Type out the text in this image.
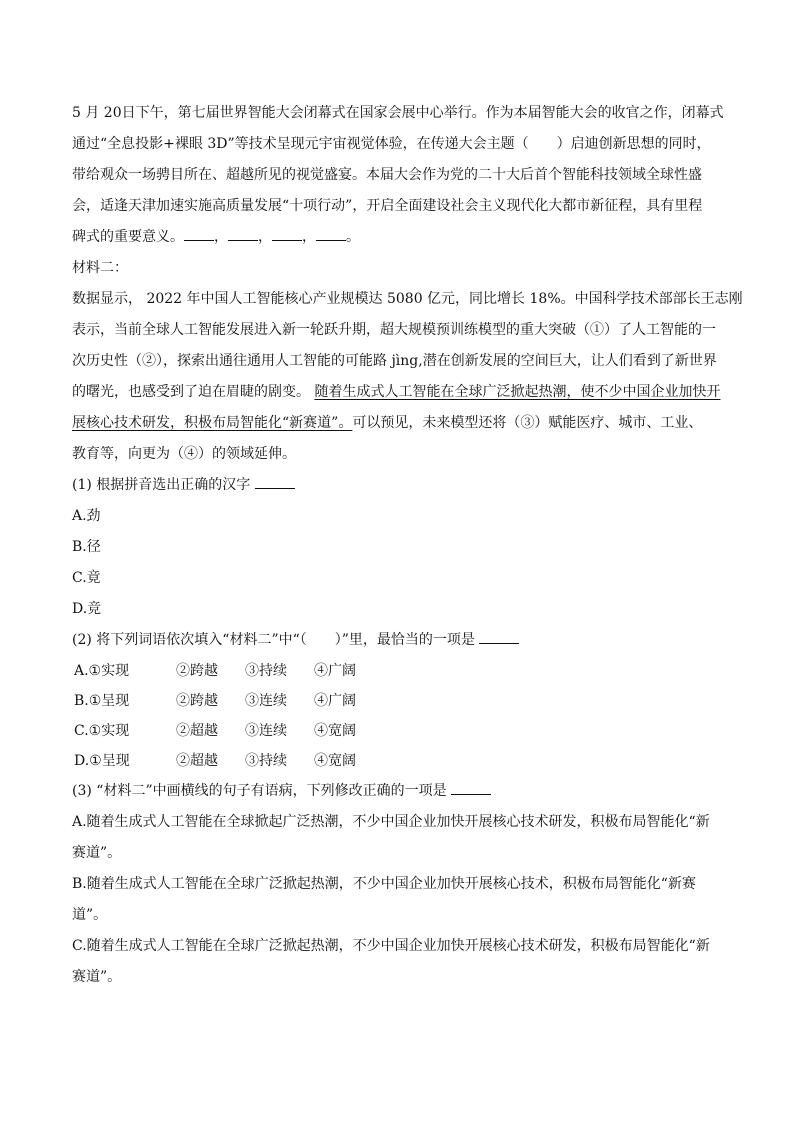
5 月 20日下午，第七届世界智能大会闭幕式在国家会展中心举行。作为本届智能大会的收官之作，闭幕式

通过“全息投影+裸眼 3D”等技术呈现元宇宙视觉体验，在传递大会主题（　　）启迪创新思想的同时，

带给观众一场骋目所在、超越所见的视觉盛宴。本届大会作为党的二十大后首个智能科技领域全球性盛

会，适逢天津加速实施高质量发展“十项行动”，开启全面建设社会主义现代化大都市新征程，具有里程

碑式的重要意义。 ， ， ， 。

材料二：

数据显示， 2022 年中国人工智能核心产业规模达 5080 亿元，同比增长 18%。中国科学技术部部长王志刚

表示，当前全球人工智能发展进入新一轮跃升期，超大规模预训练模型的重大突破（①）了人工智能的一

次历史性（②），探索出通往通用人工智能的可能路 jìng,潜在创新发展的空间巨大，让人们看到了新世界

的曙光，也感受到了迫在眉睫的剧变。 随着生成式人工智能在全球广泛掀起热潮，使不少中国企业加快开

展核心技术研发，积极布局智能化“新赛道”。可以预见，未来模型还将（③）赋能医疗、城市、工业、

教育等，向更为（④）的领域延伸。

(1) 根据拼音选出正确的汉字

A.劲

B.径

C.竟

D.竞

(2) 将下列词语依次填入“材料二”中“（　　）”里，最恰当的一项是

A.①实现	②跨越	③持续	④广阔
B.①呈现	②跨越	③连续	④广阔
C.①实现	②超越	③连续	④宽阔
D.①呈现	②超越	③持续	④宽阔

(3) “材料二”中画横线的句子有语病，下列修改正确的一项是

A.随着生成式人工智能在全球掀起广泛热潮，不少中国企业加快开展核心技术研发，积极布局智能化“新

赛道”。

B.随着生成式人工智能在全球广泛掀起热潮，不少中国企业加快开展核心技术，积极布局智能化“新赛

道”。

C.随着生成式人工智能在全球广泛掀起热潮，不少中国企业加快开展核心技术研发，积极布局智能化“新

赛道”。
